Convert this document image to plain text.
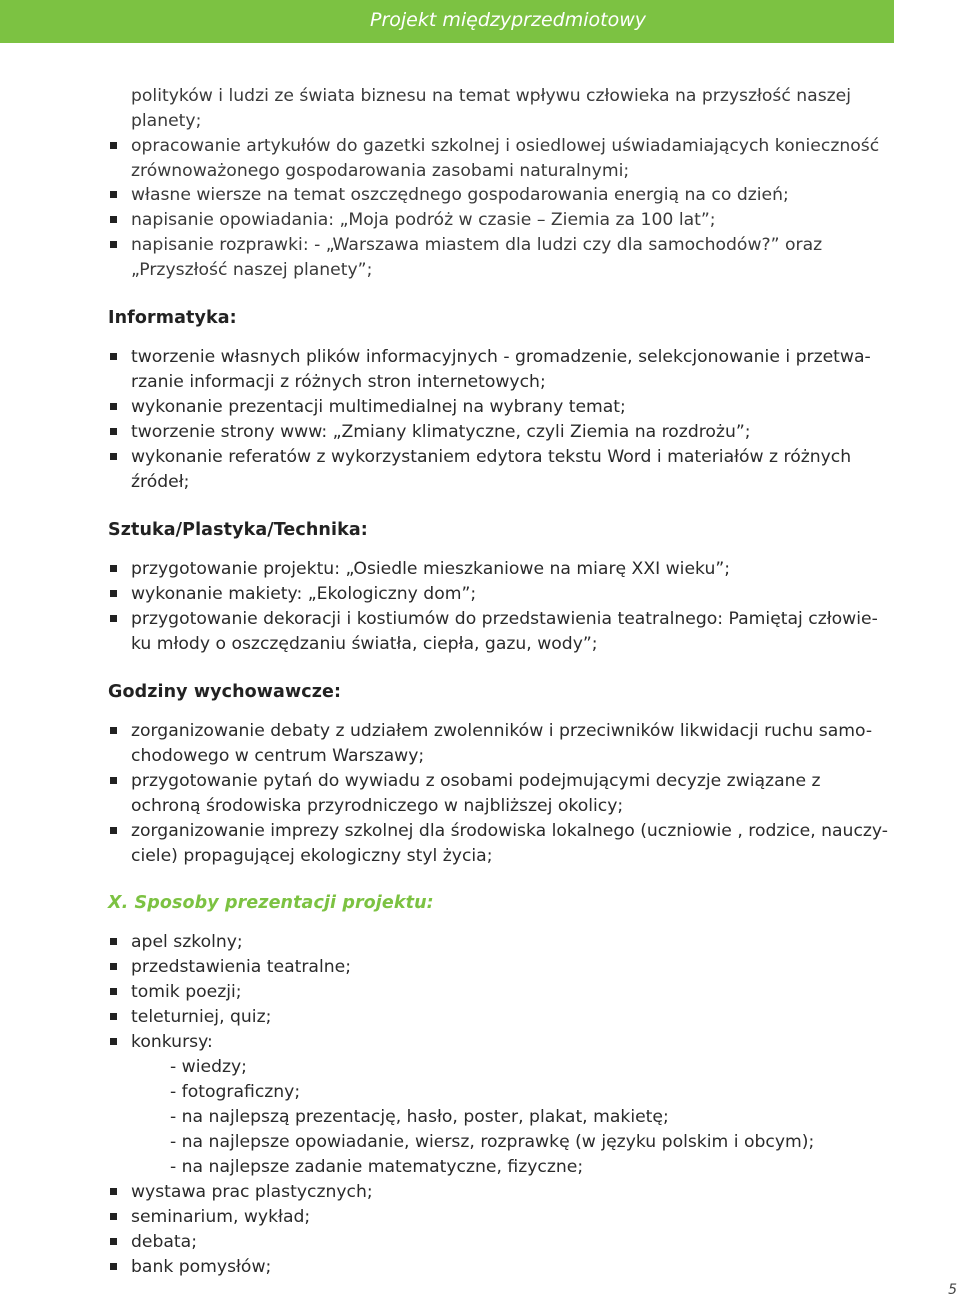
Projekt międzyprzedmiotowy
polityków i ludzi ze świata biznesu na temat wpływu człowieka na przyszłość naszej
planety;
opracowanie artykułów do gazetki szkolnej i osiedlowej uświadamiających konieczność
zrównoważonego gospodarowania zasobami naturalnymi;
własne wiersze na temat oszczędnego gospodarowania energią na co dzień;
napisanie opowiadania: „Moja podróż w czasie – Ziemia za 100 lat”;
napisanie rozprawki: - „Warszawa miastem dla ludzi czy dla samochodów?” oraz
„Przyszłość naszej planety”;
Informatyka:
tworzenie własnych plików informacyjnych - gromadzenie, selekcjonowanie i przetwa-
rzanie informacji z różnych stron internetowych;
wykonanie prezentacji multimedialnej na wybrany temat;
tworzenie strony www: „Zmiany klimatyczne, czyli Ziemia na rozdrożu”;
wykonanie referatów z wykorzystaniem edytora tekstu Word i materiałów z różnych
źródeł;
Sztuka/Plastyka/Technika:
przygotowanie projektu: „Osiedle mieszkaniowe na miarę XXI wieku”;
wykonanie makiety: „Ekologiczny dom”;
przygotowanie dekoracji i kostiumów do przedstawienia teatralnego: Pamiętaj człowie-
ku młody o oszczędzaniu światła, ciepła, gazu, wody”;
Godziny wychowawcze:
zorganizowanie debaty z udziałem zwolenników i przeciwników likwidacji ruchu samo-
chodowego w centrum Warszawy;
przygotowanie pytań do wywiadu z osobami podejmującymi decyzje związane z
ochroną środowiska przyrodniczego w najbliższej okolicy;
zorganizowanie imprezy szkolnej dla środowiska lokalnego (uczniowie , rodzice, nauczy-
ciele) propagującej ekologiczny styl życia;
X. Sposoby prezentacji projektu:
apel szkolny;
przedstawienia teatralne;
tomik poezji;
teleturniej, quiz;
konkursy:
- wiedzy;
- fotograficzny;
- na najlepszą prezentację, hasło, poster, plakat, makietę;
- na najlepsze opowiadanie, wiersz, rozprawkę (w języku polskim i obcym);
- na najlepsze zadanie matematyczne, fizyczne;
wystawa prac plastycznych;
seminarium, wykład;
debata;
bank pomysłów;
5
